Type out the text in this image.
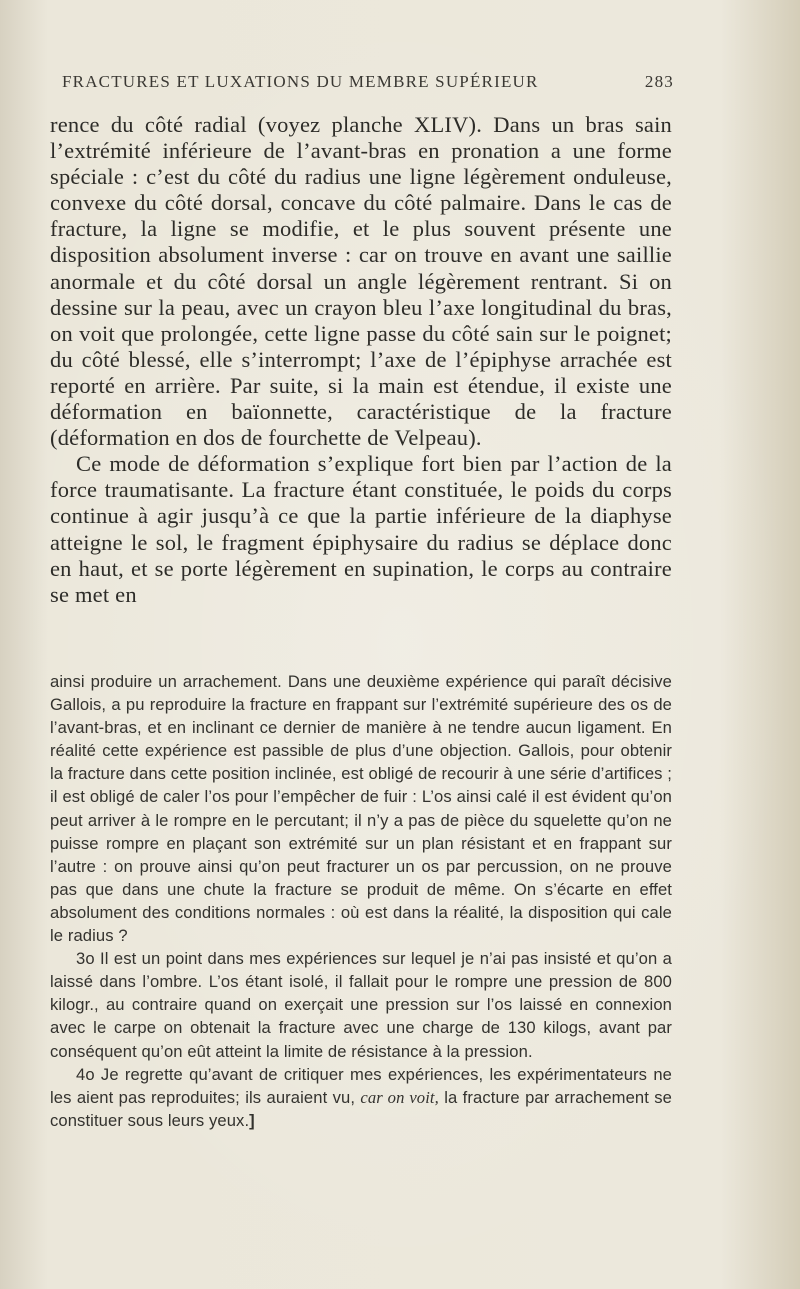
FRACTURES ET LUXATIONS DU MEMBRE SUPÉRIEUR	283

rence du côté radial (voyez planche XLIV). Dans un bras sain l’extrémité inférieure de l’avant-bras en pronation a une forme spéciale : c’est du côté du radius une ligne légèrement onduleuse, convexe du côté dorsal, concave du côté palmaire. Dans le cas de fracture, la ligne se modifie, et le plus souvent présente une disposition absolument inverse : car on trouve en avant une saillie anormale et du côté dorsal un angle légèrement rentrant. Si on dessine sur la peau, avec un crayon bleu l’axe longitudinal du bras, on voit que prolongée, cette ligne passe du côté sain sur le poignet; du côté blessé, elle s’interrompt; l’axe de l’épiphyse arrachée est reporté en arrière. Par suite, si la main est étendue, il existe une déformation en baïonnette, caractéristique de la fracture (déformation en dos de fourchette de Velpeau).

Ce mode de déformation s’explique fort bien par l’action de la force traumatisante. La fracture étant constituée, le poids du corps continue à agir jusqu’à ce que la partie inférieure de la diaphyse atteigne le sol, le fragment épiphysaire du radius se déplace donc en haut, et se porte légèrement en supination, le corps au contraire se met en

ainsi produire un arrachement. Dans une deuxième expérience qui paraît décisive Gallois, a pu reproduire la fracture en frappant sur l’extrémité supérieure des os de l’avant-bras, et en inclinant ce dernier de manière à ne tendre aucun ligament. En réalité cette expérience est passible de plus d’une objection. Gallois, pour obtenir la fracture dans cette position inclinée, est obligé de recourir à une série d’artifices ; il est obligé de caler l’os pour l’empêcher de fuir : L’os ainsi calé il est évident qu’on peut arriver à le rompre en le percutant; il n’y a pas de pièce du squelette qu’on ne puisse rompre en plaçant son extrémité sur un plan résistant et en frappant sur l’autre : on prouve ainsi qu’on peut fracturer un os par percussion, on ne prouve pas que dans une chute la fracture se produit de même. On s’écarte en effet absolument des conditions normales : où est dans la réalité, la disposition qui cale le radius ?

3o Il est un point dans mes expériences sur lequel je n’ai pas insisté et qu’on a laissé dans l’ombre. L’os étant isolé, il fallait pour le rompre une pression de 800 kilogr., au contraire quand on exerçait une pression sur l’os laissé en connexion avec le carpe on obtenait la fracture avec une charge de 130 kilogs, avant par conséquent qu’on eût atteint la limite de résistance à la pression.

4o Je regrette qu’avant de critiquer mes expériences, les expérimentateurs ne les aient pas reproduites; ils auraient vu, car on voit, la fracture par arrachement se constituer sous leurs yeux.]
